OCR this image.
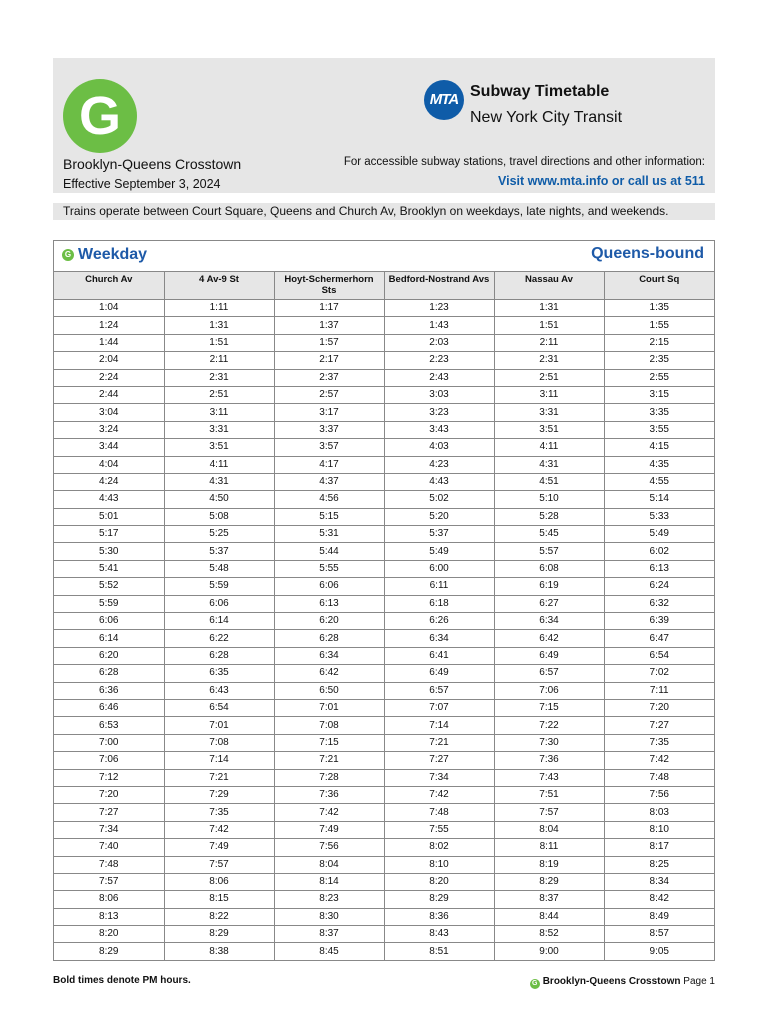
G
Brooklyn-Queens Crosstown
Effective September 3, 2024
MTA Subway Timetable
New York City Transit
For accessible subway stations, travel directions and other information:
Visit www.mta.info or call us at 511
Trains operate between Court Square, Queens and Church Av, Brooklyn on weekdays, late nights, and weekends.
G Weekday	Queens-bound
Church Av	4 Av-9 St	Hoyt-Schermerhorn Sts	Bedford-Nostrand Avs	Nassau Av	Court Sq
1:04	1:11	1:17	1:23	1:31	1:35
1:24	1:31	1:37	1:43	1:51	1:55
1:44	1:51	1:57	2:03	2:11	2:15
2:04	2:11	2:17	2:23	2:31	2:35
2:24	2:31	2:37	2:43	2:51	2:55
2:44	2:51	2:57	3:03	3:11	3:15
3:04	3:11	3:17	3:23	3:31	3:35
3:24	3:31	3:37	3:43	3:51	3:55
3:44	3:51	3:57	4:03	4:11	4:15
4:04	4:11	4:17	4:23	4:31	4:35
4:24	4:31	4:37	4:43	4:51	4:55
4:43	4:50	4:56	5:02	5:10	5:14
5:01	5:08	5:15	5:20	5:28	5:33
5:17	5:25	5:31	5:37	5:45	5:49
5:30	5:37	5:44	5:49	5:57	6:02
5:41	5:48	5:55	6:00	6:08	6:13
5:52	5:59	6:06	6:11	6:19	6:24
5:59	6:06	6:13	6:18	6:27	6:32
6:06	6:14	6:20	6:26	6:34	6:39
6:14	6:22	6:28	6:34	6:42	6:47
6:20	6:28	6:34	6:41	6:49	6:54
6:28	6:35	6:42	6:49	6:57	7:02
6:36	6:43	6:50	6:57	7:06	7:11
6:46	6:54	7:01	7:07	7:15	7:20
6:53	7:01	7:08	7:14	7:22	7:27
7:00	7:08	7:15	7:21	7:30	7:35
7:06	7:14	7:21	7:27	7:36	7:42
7:12	7:21	7:28	7:34	7:43	7:48
7:20	7:29	7:36	7:42	7:51	7:56
7:27	7:35	7:42	7:48	7:57	8:03
7:34	7:42	7:49	7:55	8:04	8:10
7:40	7:49	7:56	8:02	8:11	8:17
7:48	7:57	8:04	8:10	8:19	8:25
7:57	8:06	8:14	8:20	8:29	8:34
8:06	8:15	8:23	8:29	8:37	8:42
8:13	8:22	8:30	8:36	8:44	8:49
8:20	8:29	8:37	8:43	8:52	8:57
8:29	8:38	8:45	8:51	9:00	9:05
Bold times denote PM hours.	G Brooklyn-Queens Crosstown Page 1
